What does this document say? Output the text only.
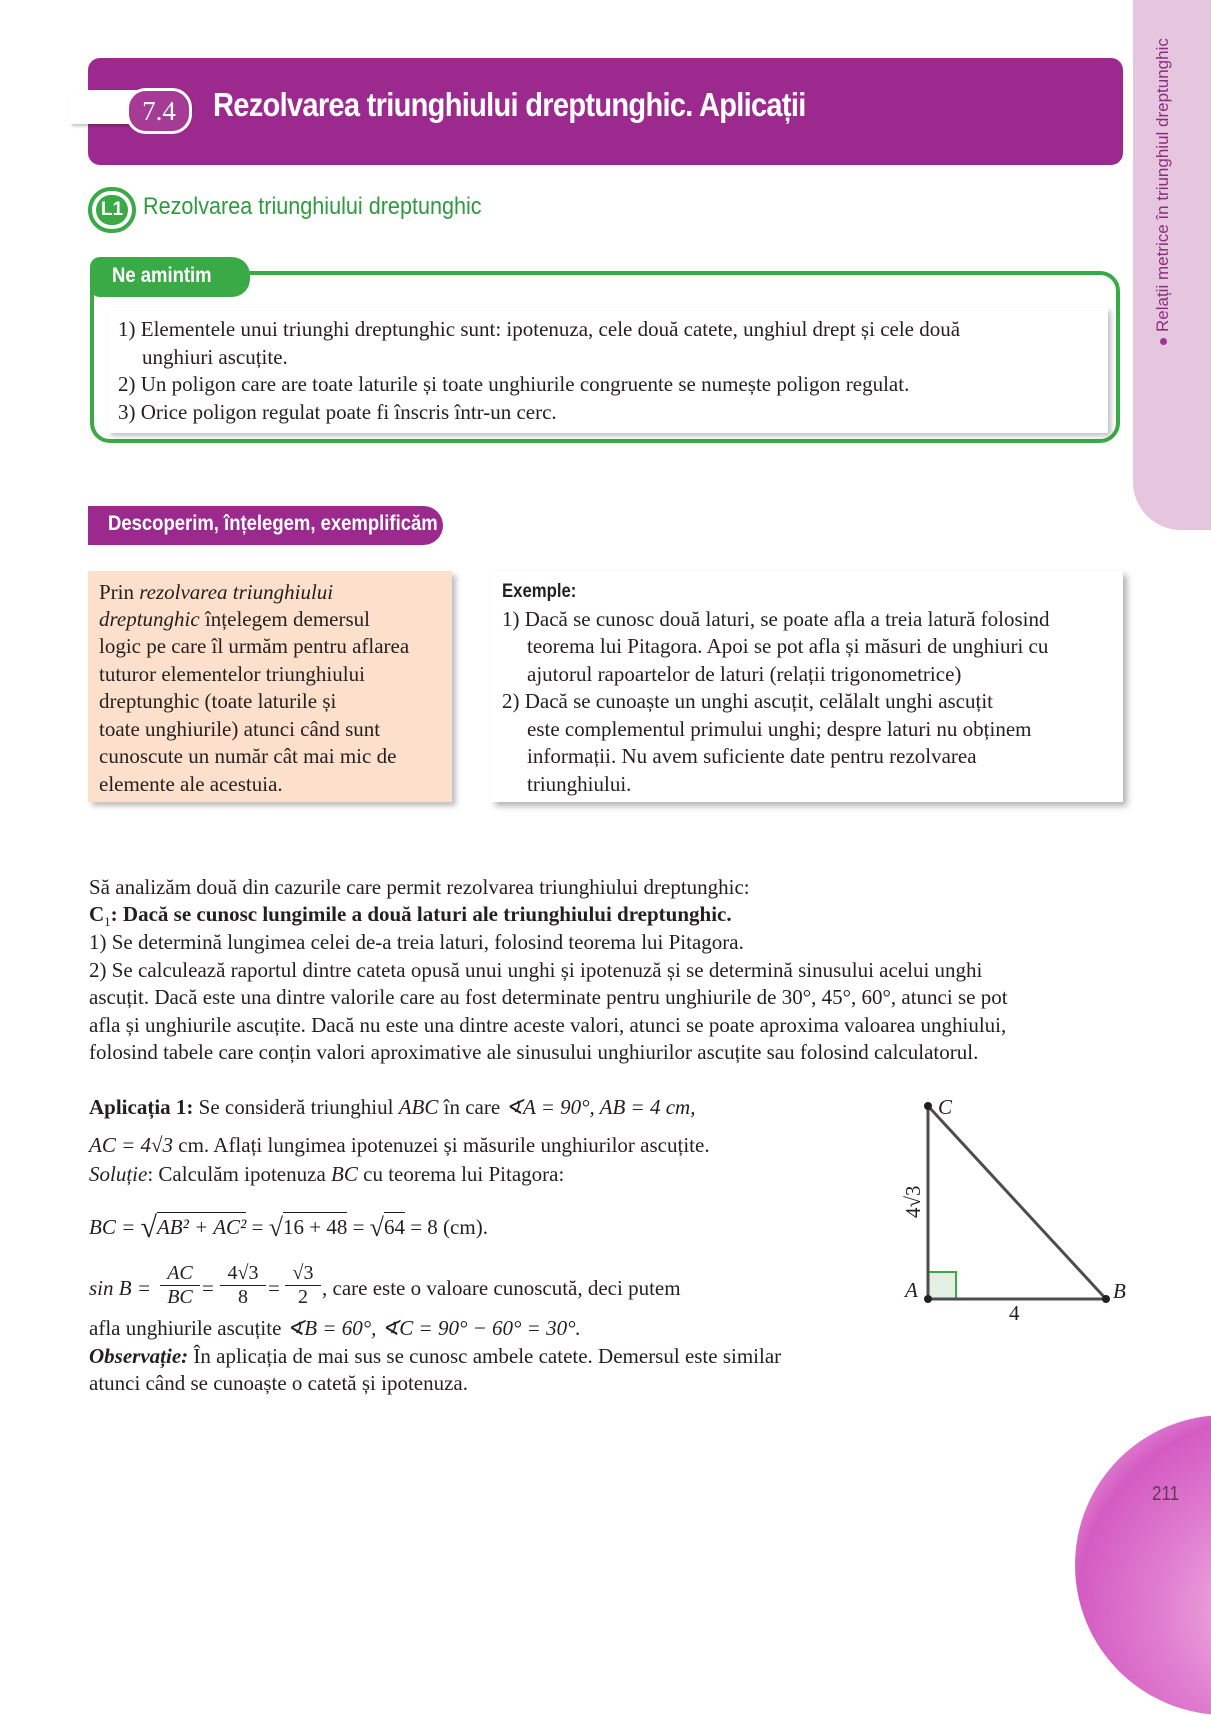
Relații metrice în triunghiul dreptunghic
7.4	Rezolvarea triunghiului dreptunghic. Aplicații
L1 Rezolvarea triunghiului dreptunghic
Ne amintim
1) Elementele unui triunghi dreptunghic sunt: ipotenuza, cele două catete, unghiul drept și cele două
unghiuri ascuțite.
2) Un poligon care are toate laturile și toate unghiurile congruente se numește poligon regulat.
3) Orice poligon regulat poate fi înscris într-un cerc.
Descoperim, înțelegem, exemplificăm
Prin rezolvarea triunghiului
dreptunghic înțelegem demersul
logic pe care îl urmăm pentru aflarea
tuturor elementelor triunghiului
dreptunghic (toate laturile și
toate unghiurile) atunci când sunt
cunoscute un număr cât mai mic de
elemente ale acestuia.
Exemple:
1) Dacă se cunosc două laturi, se poate afla a treia latură folosind
teorema lui Pitagora. Apoi se pot afla și măsuri de unghiuri cu
ajutorul rapoartelor de laturi (relații trigonometrice)
2) Dacă se cunoaște un unghi ascuțit, celălalt unghi ascuțit
este complementul primului unghi; despre laturi nu obținem
informații. Nu avem suficiente date pentru rezolvarea
triunghiului.
Să analizăm două din cazurile care permit rezolvarea triunghiului dreptunghic:
$C_1$: Dacă se cunosc lungimile a două laturi ale triunghiului dreptunghic.
1) Se determină lungimea celei de-a treia laturi, folosind teorema lui Pitagora.
2) Se calculează raportul dintre cateta opusă unui unghi și ipotenuză și se determină sinusului acelui unghi
ascuțit. Dacă este una dintre valorile care au fost determinate pentru unghiurile de 30°, 45°, 60°, atunci se pot
afla și unghiurile ascuțite. Dacă nu este una dintre aceste valori, atunci se poate aproxima valoarea unghiului,
folosind tabele care conțin valori aproximative ale sinusului unghiurilor ascuțite sau folosind calculatorul.
Aplicația 1: Se consideră triunghiul ABC în care ∢A = 90°, AB = 4 cm,
AC = 4√3 cm. Aflați lungimea ipotenuzei și măsurile unghiurilor ascuțite.
Soluție: Calculăm ipotenuza BC cu teorema lui Pitagora:
BC = √AB² + AC² = √16 + 48 = √64 = 8 (cm).
$\sin B = \frac{AC}{BC} = \frac{4√3}{8} = \frac{√3}{2}$ , care este o valoare cunoscută, deci putem
afla unghiurile ascuțite ∢B = 60°, ∢C = 90° − 60° = 30°.
Observație: În aplicația de mai sus se cunosc ambele catete. Demersul este similar
atunci când se cunoaște o catetă și ipotenuza.
C
A	B
4
4√3
211
